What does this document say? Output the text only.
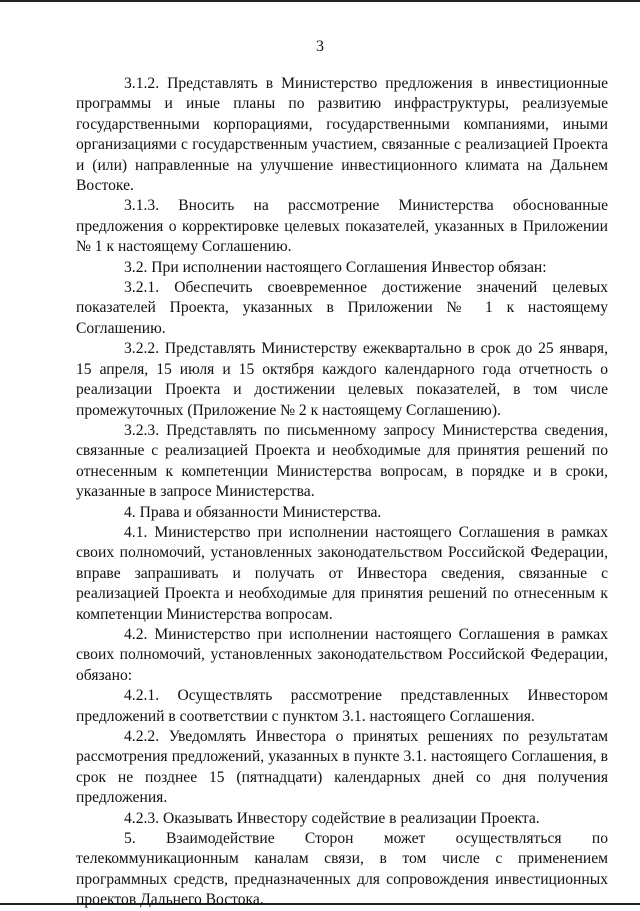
3

3.1.2. Представлять в Министерство предложения в инвестиционные программы и иные планы по развитию инфраструктуры, реализуемые государственными корпорациями, государственными компаниями, иными организациями с государственным участием, связанные с реализацией Проекта и (или) направленные на улучшение инвестиционного климата на Дальнем Востоке.

3.1.3. Вносить на рассмотрение Министерства обоснованные предложения о корректировке целевых показателей, указанных в Приложении № 1 к настоящему Соглашению.

3.2. При исполнении настоящего Соглашения Инвестор обязан:

3.2.1. Обеспечить своевременное достижение значений целевых показателей Проекта, указанных в Приложении № 1 к настоящему Соглашению.

3.2.2. Представлять Министерству ежеквартально в срок до 25 января, 15 апреля, 15 июля и 15 октября каждого календарного года отчетность о реализации Проекта и достижении целевых показателей, в том числе промежуточных (Приложение № 2 к настоящему Соглашению).

3.2.3. Представлять по письменному запросу Министерства сведения, связанные с реализацией Проекта и необходимые для принятия решений по отнесенным к компетенции Министерства вопросам, в порядке и в сроки, указанные в запросе Министерства.

4. Права и обязанности Министерства.

4.1. Министерство при исполнении настоящего Соглашения в рамках своих полномочий, установленных законодательством Российской Федерации, вправе запрашивать и получать от Инвестора сведения, связанные с реализацией Проекта и необходимые для принятия решений по отнесенным к компетенции Министерства вопросам.

4.2. Министерство при исполнении настоящего Соглашения в рамках своих полномочий, установленных законодательством Российской Федерации, обязано:

4.2.1. Осуществлять рассмотрение представленных Инвестором предложений в соответствии с пунктом 3.1. настоящего Соглашения.

4.2.2. Уведомлять Инвестора о принятых решениях по результатам рассмотрения предложений, указанных в пункте 3.1. настоящего Соглашения, в срок не позднее 15 (пятнадцати) календарных дней со дня получения предложения.

4.2.3. Оказывать Инвестору содействие в реализации Проекта.

5. Взаимодействие Сторон может осуществляться по телекоммуникационным каналам связи, в том числе с применением программных средств, предназначенных для сопровождения инвестиционных проектов Дальнего Востока.
